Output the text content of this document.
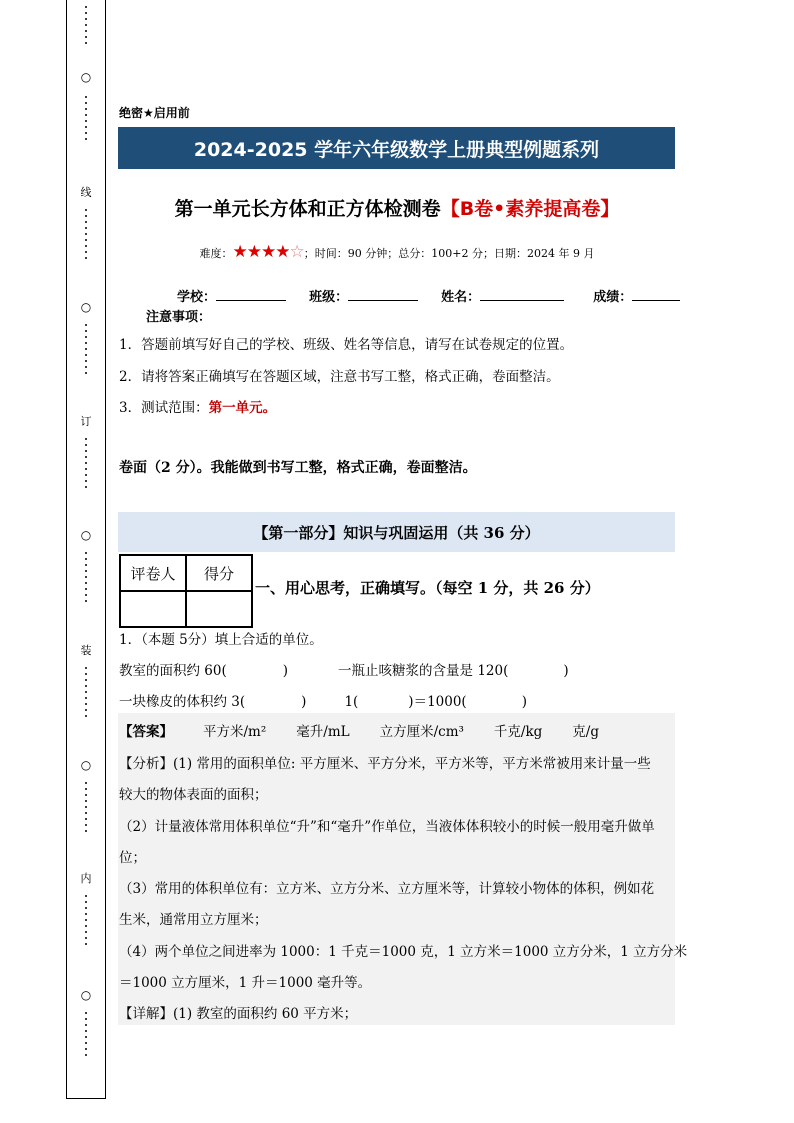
○
线
○
订
○
装
○
内
○
绝密★启用前
2024-2025 学年六年级数学上册典型例题系列
第一单元长方体和正方体检测卷【B卷•素养提高卷】
难度：★★★★☆；时间：90 分钟；总分：100+2 分；日期：2024 年 9 月
学校：	班级：	姓名：	成绩：
注意事项：
1．答题前填写好自己的学校、班级、姓名等信息，请写在试卷规定的位置。
2．请将答案正确填写在答题区域，注意书写工整，格式正确，卷面整洁。
3．测试范围：第一单元。
卷面（2 分）。我能做到书写工整，格式正确，卷面整洁。
【第一部分】知识与巩固运用（共 36 分）
评卷人	得分

一、用心思考，正确填写。（每空 1 分，共 26 分）
1．（本题 5分）填上合适的单位。
教室的面积约 60(	)	一瓶止咳糖浆的含量是 120(	)
一块橡皮的体积约 3(	)	1(	)＝1000(	)
【答案】 平方米/m² 毫升/mL 立方厘米/cm³ 千克/kg 克/g
【分析】(1) 常用的面积单位: 平方厘米、平方分米，平方米等，平方米常被用来计量一些
较大的物体表面的面积；
（2）计量液体常用体积单位“升”和“毫升”作单位，当液体体积较小的时候一般用毫升做单
位；
（3）常用的体积单位有：立方米、立方分米、立方厘米等，计算较小物体的体积，例如花
生米，通常用立方厘米；
（4）两个单位之间进率为 1000：1 千克＝1000 克，1 立方米＝1000 立方分米，1 立方分米
＝1000 立方厘米，1 升＝1000 毫升等。
【详解】(1) 教室的面积约 60 平方米；
